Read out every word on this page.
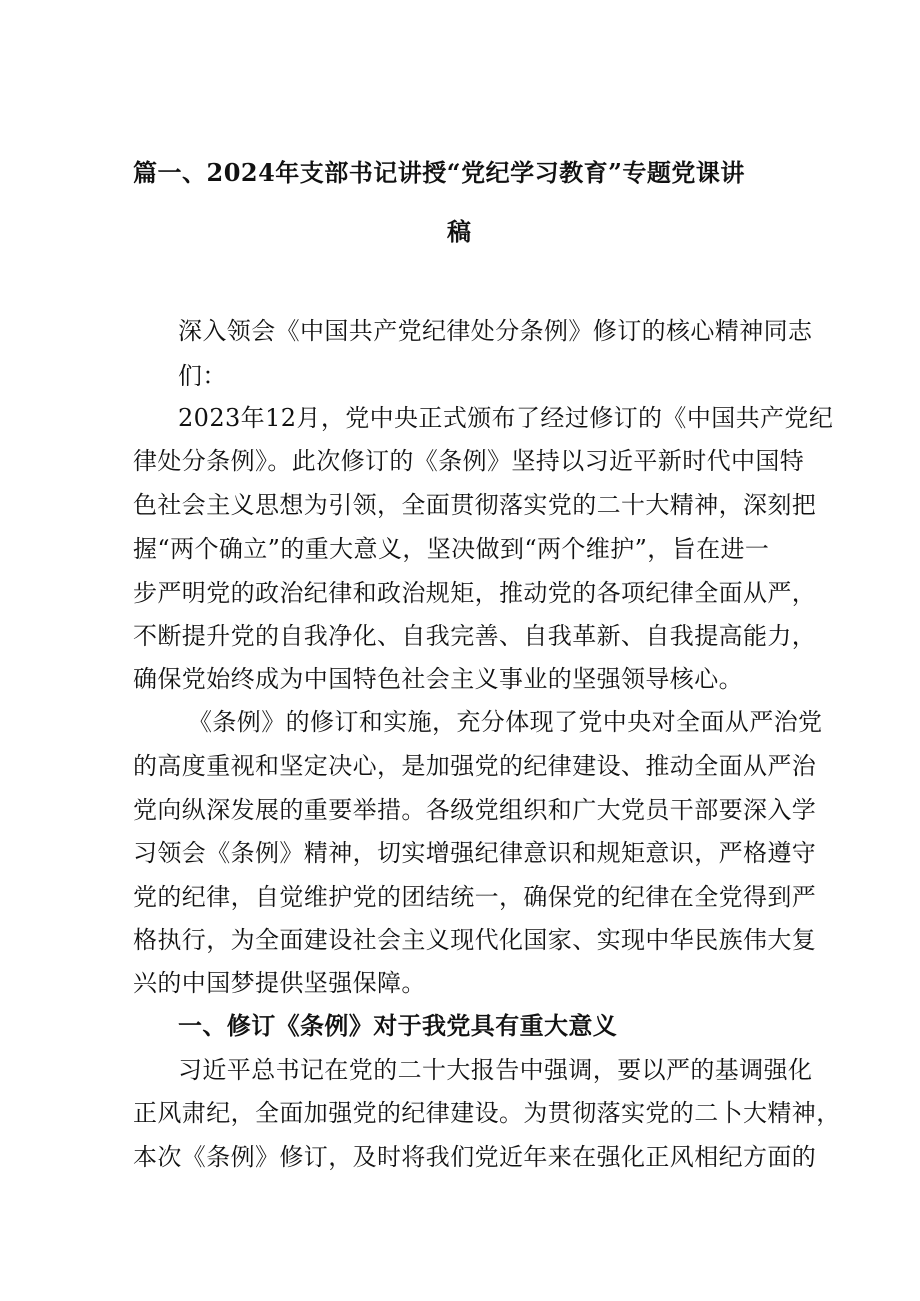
篇一、2024年支部书记讲授“党纪学习教育”专题党课讲
稿
深入领会《中国共产党纪律处分条例》修订的核心精神同志
们：
2023年12月，党中央正式颁布了经过修订的《中国共产党纪
律处分条例》。此次修订的《条例》坚持以习近平新时代中国特
色社会主义思想为引领，全面贯彻落实党的二十大精神，深刻把
握“两个确立”的重大意义，坚决做到“两个维护”，旨在进一
步严明党的政治纪律和政治规矩，推动党的各项纪律全面从严，
不断提升党的自我净化、自我完善、自我革新、自我提高能力，
确保党始终成为中国特色社会主义事业的坚强领导核心。
《条例》的修订和实施，充分体现了党中央对全面从严治党
的高度重视和坚定决心，是加强党的纪律建设、推动全面从严治
党向纵深发展的重要举措。各级党组织和广大党员干部要深入学
习领会《条例》精神，切实增强纪律意识和规矩意识，严格遵守
党的纪律，自觉维护党的团结统一，确保党的纪律在全党得到严
格执行，为全面建设社会主义现代化国家、实现中华民族伟大复
兴的中国梦提供坚强保障。
一、修订《条例》对于我党具有重大意义
习近平总书记在党的二十大报告中强调，要以严的基调强化
正风肃纪，全面加强党的纪律建设。为贯彻落实党的二卜大精神，
本次《条例》修订，及时将我们党近年来在强化正风相纪方面的
